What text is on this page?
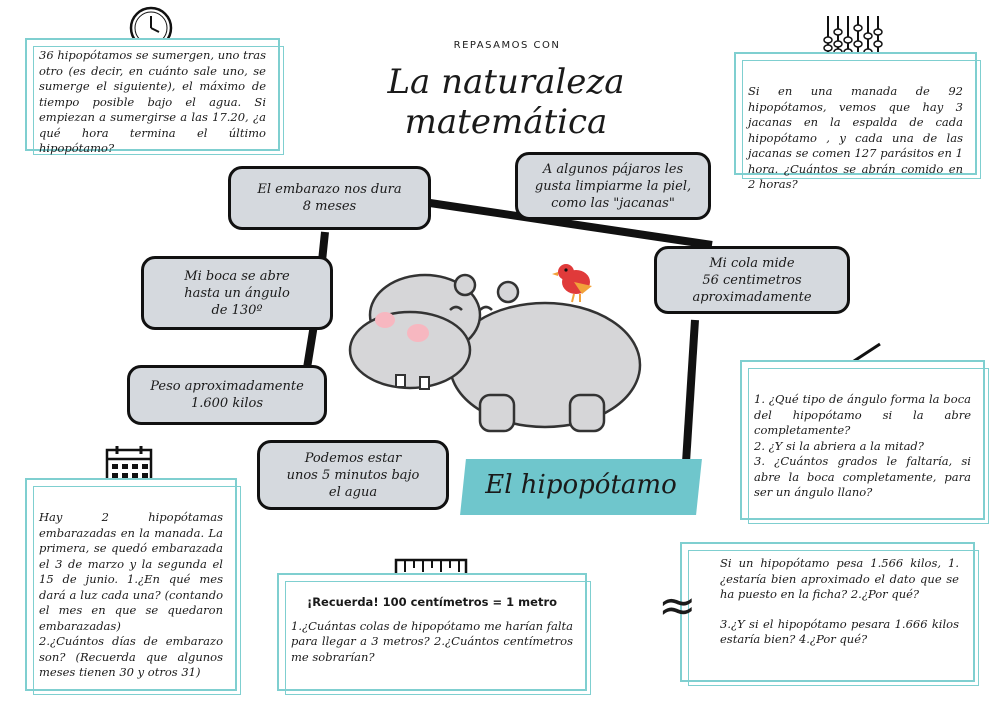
REPASAMOS CON
La naturaleza matemática
36 hipopótamos se sumergen, uno tras otro (es decir, en cuánto sale uno, se sumerge el siguiente), el máximo de tiempo posible bajo el agua. Si empiezan a sumergirse a las 17.20, ¿a qué hora termina el último hipopótamo?
Si en una manada de 92 hipopótamos, vemos que hay 3 jacanas en la espalda de cada hipopótamo , y cada una de las jacanas se comen 127 parásitos en 1 hora. ¿Cuántos se abrán comido en 2 horas?

1. ¿Qué tipo de ángulo forma la boca del hipopótamo si la abre completamente?

2. ¿Y si la abriera a la mitad?

3. ¿Cuántos grados le faltaría, si abre la boca completamente, para ser un ángulo llano?

Hay 2 hipopótamas embarazadas en la manada. La primera, se quedó embarazada el 3 de marzo y la segunda el 15 de junio. 1.¿En qué mes dará a luz cada una? (contando el mes en que se quedaron embarazadas)

2.¿Cuántos días de embarazo son? (Recuerda que algunos meses tienen 30 y otros 31)

¡Recuerda! 100 centímetros = 1 metro

1.¿Cuántas colas de hipopótamo me harían falta para llegar a 3 metros? 2.¿Cuántos centímetros me sobrarían?

Si un hipopótamo pesa 1.566 kilos, 1.¿estaría bien aproximado el dato que se ha puesto en la ficha? 2.¿Por qué?

3.¿Y si el hipopótamo pesara 1.666 kilos estaría bien? 4.¿Por qué?

≈
El embarazo nos dura
8 meses
A algunos pájaros les
gusta limpiarme la piel,
como las "jacanas"
Mi boca se abre
hasta un ángulo
de 130º
Mi cola mide
56 centimetros
aproximadamente
Peso aproximadamente
1.600 kilos
Podemos estar
unos 5 minutos bajo
el agua	El hipopótamo
